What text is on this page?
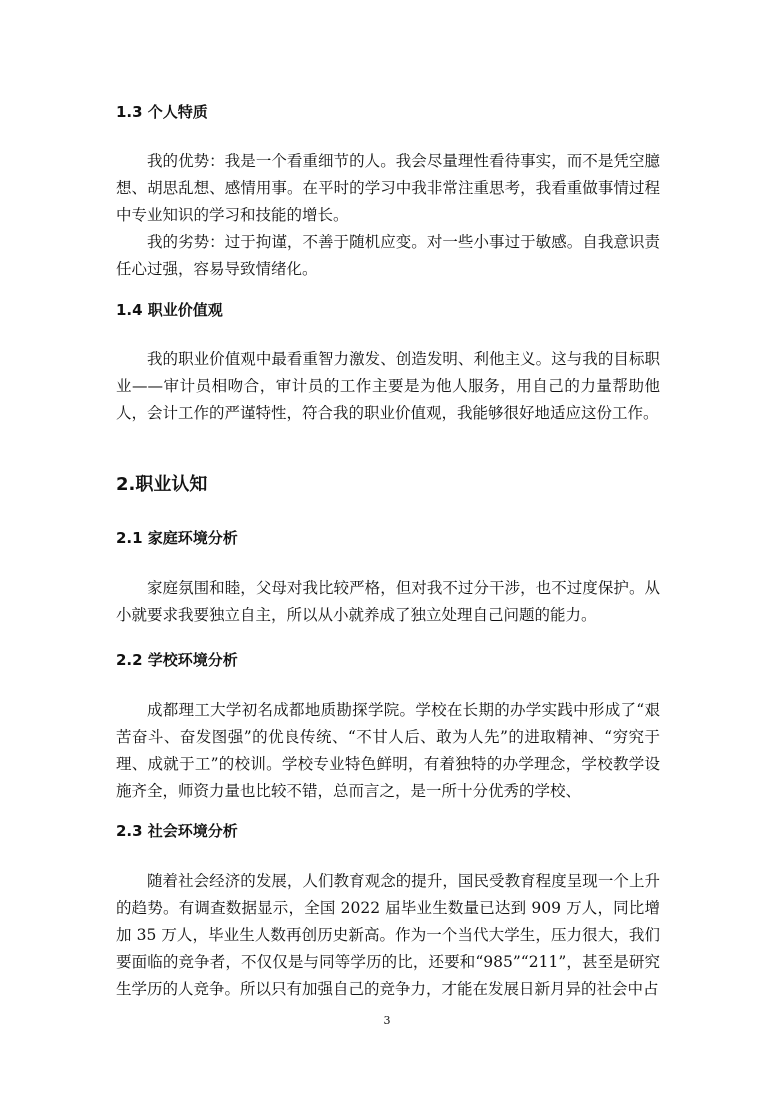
1.3 个人特质

我的优势：我是一个看重细节的人。我会尽量理性看待事实，而不是凭空臆想、胡思乱想、感情用事。在平时的学习中我非常注重思考，我看重做事情过程中专业知识的学习和技能的增长。

我的劣势：过于拘谨，不善于随机应变。对一些小事过于敏感。自我意识责任心过强，容易导致情绪化。

1.4 职业价值观

我的职业价值观中最看重智力激发、创造发明、利他主义。这与我的目标职业——审计员相吻合，审计员的工作主要是为他人服务，用自己的力量帮助他人，会计工作的严谨特性，符合我的职业价值观，我能够很好地适应这份工作。

2.职业认知
2.1 家庭环境分析

家庭氛围和睦，父母对我比较严格，但对我不过分干涉，也不过度保护。从小就要求我要独立自主，所以从小就养成了独立处理自己问题的能力。

2.2 学校环境分析

成都理工大学初名成都地质勘探学院。学校在长期的办学实践中形成了“艰苦奋斗、奋发图强”的优良传统、“不甘人后、敢为人先”的进取精神、“穷究于理、成就于工”的校训。学校专业特色鲜明，有着独特的办学理念，学校教学设施齐全，师资力量也比较不错，总而言之，是一所十分优秀的学校、

2.3 社会环境分析

随着社会经济的发展，人们教育观念的提升，国民受教育程度呈现一个上升的趋势。有调查数据显示，全国 2022 届毕业生数量已达到 909 万人，同比增加 35 万人，毕业生人数再创历史新高。作为一个当代大学生，压力很大，我们要面临的竞争者，不仅仅是与同等学历的比，还要和“985”“211”，甚至是研究生学历的人竞争。所以只有加强自己的竞争力，才能在发展日新月异的社会中占

3
